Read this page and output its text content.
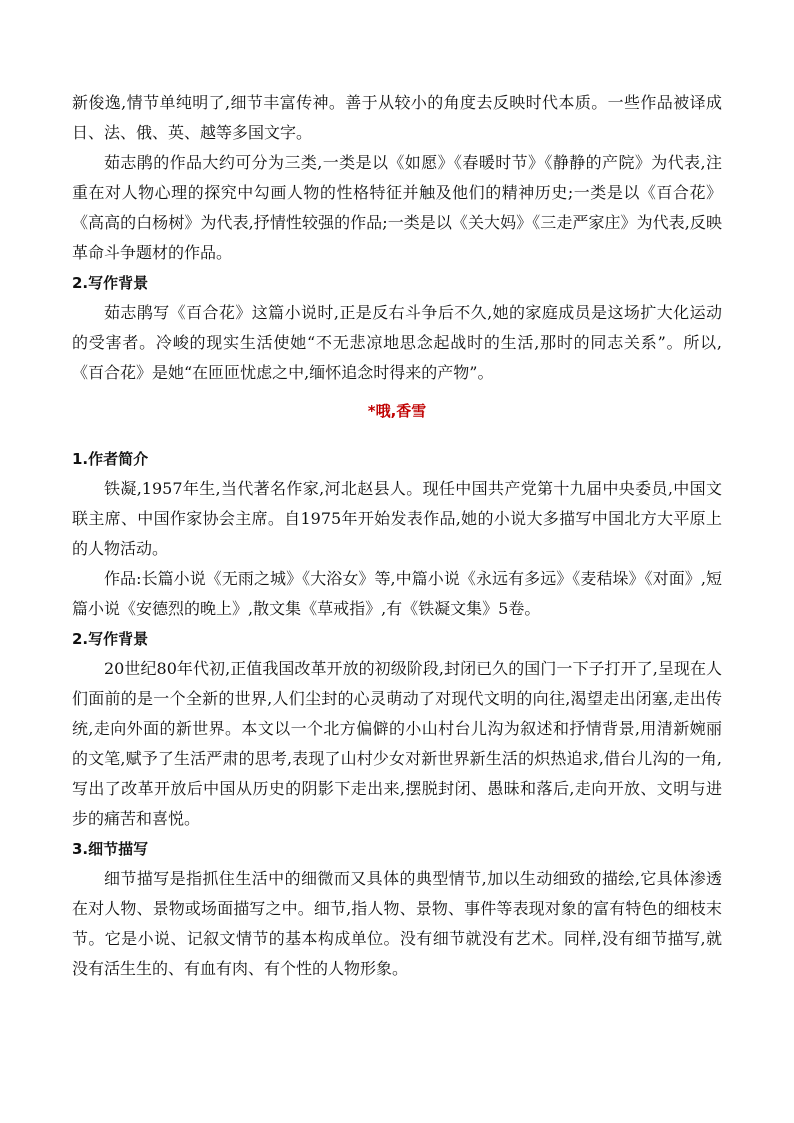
新俊逸,情节单纯明了,细节丰富传神。善于从较小的角度去反映时代本质。一些作品被译成日、法、俄、英、越等多国文字。

茹志鹃的作品大约可分为三类,一类是以《如愿》《春暖时节》《静静的产院》为代表,注重在对人物心理的探究中勾画人物的性格特征并触及他们的精神历史;一类是以《百合花》《高高的白杨树》为代表,抒情性较强的作品;一类是以《关大妈》《三走严家庄》为代表,反映革命斗争题材的作品。

2.写作背景

茹志鹃写《百合花》这篇小说时,正是反右斗争后不久,她的家庭成员是这场扩大化运动的受害者。冷峻的现实生活使她“不无悲凉地思念起战时的生活,那时的同志关系”。所以,《百合花》是她“在匝匝忧虑之中,缅怀追念时得来的产物”。

*哦,香雪

1.作者简介

铁凝,1957年生,当代著名作家,河北赵县人。现任中国共产党第十九届中央委员,中国文联主席、中国作家协会主席。自1975年开始发表作品,她的小说大多描写中国北方大平原上的人物活动。

作品:长篇小说《无雨之城》《大浴女》等,中篇小说《永远有多远》《麦秸垛》《对面》,短篇小说《安德烈的晚上》,散文集《草戒指》,有《铁凝文集》5卷。

2.写作背景

20世纪80年代初,正值我国改革开放的初级阶段,封闭已久的国门一下子打开了,呈现在人们面前的是一个全新的世界,人们尘封的心灵萌动了对现代文明的向往,渴望走出闭塞,走出传统,走向外面的新世界。本文以一个北方偏僻的小山村台儿沟为叙述和抒情背景,用清新婉丽的文笔,赋予了生活严肃的思考,表现了山村少女对新世界新生活的炽热追求,借台儿沟的一角,写出了改革开放后中国从历史的阴影下走出来,摆脱封闭、愚昧和落后,走向开放、文明与进步的痛苦和喜悦。

3.细节描写

细节描写是指抓住生活中的细微而又具体的典型情节,加以生动细致的描绘,它具体渗透在对人物、景物或场面描写之中。细节,指人物、景物、事件等表现对象的富有特色的细枝末节。它是小说、记叙文情节的基本构成单位。没有细节就没有艺术。同样,没有细节描写,就没有活生生的、有血有肉、有个性的人物形象。
